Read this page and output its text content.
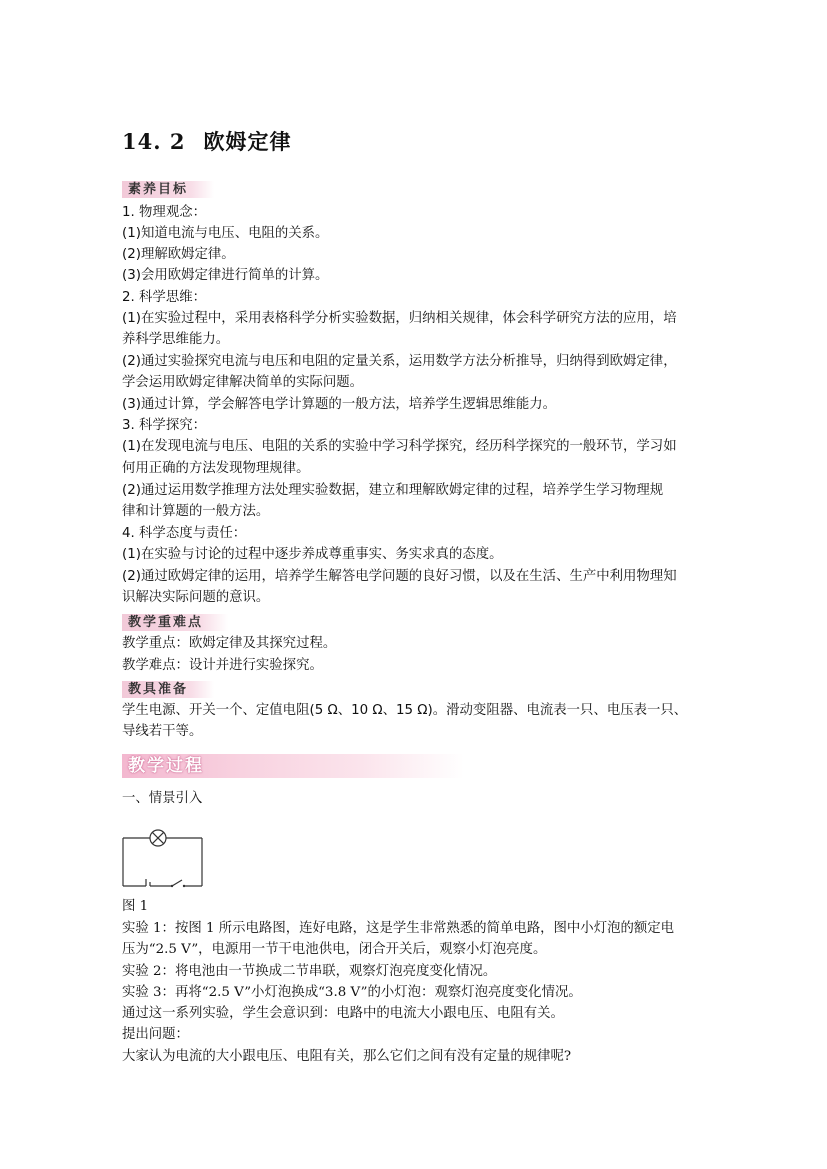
14. 2 欧姆定律
素养目标
1. 物理观念：
(1)知道电流与电压、电阻的关系。
(2)理解欧姆定律。
(3)会用欧姆定律进行简单的计算。
2. 科学思维：
(1)在实验过程中，采用表格科学分析实验数据，归纳相关规律，体会科学研究方法的应用，培
养科学思维能力。
(2)通过实验探究电流与电压和电阻的定量关系，运用数学方法分析推导，归纳得到欧姆定律，
学会运用欧姆定律解决简单的实际问题。
(3)通过计算，学会解答电学计算题的一般方法，培养学生逻辑思维能力。
3. 科学探究：
(1)在发现电流与电压、电阻的关系的实验中学习科学探究，经历科学探究的一般环节，学习如
何用正确的方法发现物理规律。
(2)通过运用数学推理方法处理实验数据，建立和理解欧姆定律的过程，培养学生学习物理规
律和计算题的一般方法。
4. 科学态度与责任：
(1)在实验与讨论的过程中逐步养成尊重事实、务实求真的态度。
(2)通过欧姆定律的运用，培养学生解答电学问题的良好习惯，以及在生活、生产中利用物理知
识解决实际问题的意识。
教学重难点
教学重点：欧姆定律及其探究过程。
教学难点：设计并进行实验探究。
教具准备
学生电源、开关一个、定值电阻(5 Ω、10 Ω、15 Ω)。滑动变阻器、电流表一只、电压表一只、
导线若干等。
教学过程
一、情景引入
图 1
实验 1：按图 1 所示电路图，连好电路，这是学生非常熟悉的简单电路，图中小灯泡的额定电
压为“2.5 V”，电源用一节干电池供电，闭合开关后，观察小灯泡亮度。
实验 2：将电池由一节换成二节串联，观察灯泡亮度变化情况。
实验 3：再将“2.5 V”小灯泡换成“3.8 V”的小灯泡：观察灯泡亮度变化情况。
通过这一系列实验，学生会意识到：电路中的电流大小跟电压、电阻有关。
提出问题：
大家认为电流的大小跟电压、电阻有关，那么它们之间有没有定量的规律呢?
